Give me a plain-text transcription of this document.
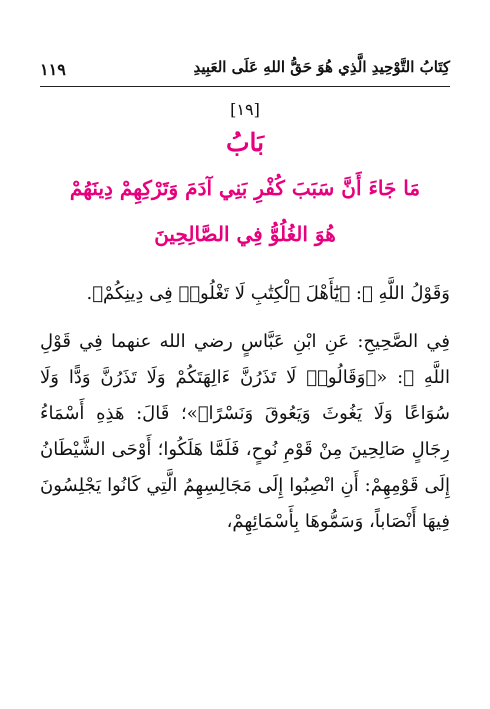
١١٩	كِتَابُ التَّوْحِيدِ الَّذِي هُوَ حَقُّ اللهِ عَلَى العَبِيدِ
[١٩]
بَابُ
مَا جَاءَ أَنَّ سَبَبَ كُفْرِ بَنِي آدَمَ وَتَرْكِهِمْ دِينَهُمْ
هُوَ الغُلُوُّ فِي الصَّالِحِينَ

وَقَوْلُ اللَّهِ ﷻ: ﴿يَٰٓأَهْلَ ٱلْكِتَٰبِ لَا تَغْلُوا۟ فِى دِينِكُمْ﴾.

فِي الصَّحِيحِ: عَنِ ابْنِ عَبَّاسٍ رضي الله عنهما فِي قَوْلِ اللَّهِ ﷻ: «﴿وَقَالُوا۟ لَا تَذَرُنَّ ءَالِهَتَكُمْ وَلَا تَذَرُنَّ وَدًّا وَلَا سُوَاعًا وَلَا يَغُوثَ وَيَعُوقَ وَنَسْرًا﴾»؛ قَالَ: هَذِهِ أَسْمَاءُ رِجَالٍ صَالِحِينَ مِنْ قَوْمِ نُوحٍ، فَلَمَّا هَلَكُوا؛ أَوْحَى الشَّيْطَانُ إِلَى قَوْمِهِمْ: أَنِ انْصِبُوا إِلَى مَجَالِسِهِمُ الَّتِي كَانُوا يَجْلِسُونَ فِيهَا أَنْصَاباً، وَسَمُّوهَا بِأَسْمَائِهِمْ،
